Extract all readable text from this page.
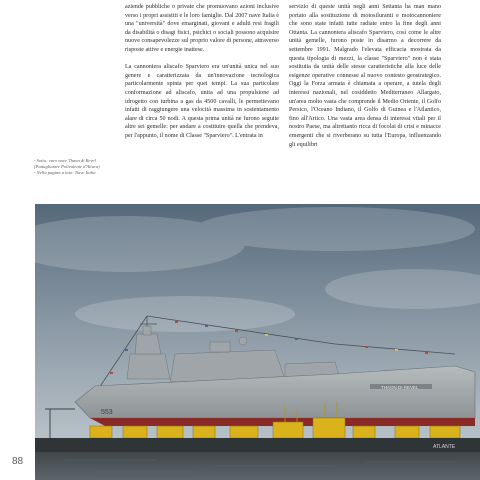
- Sotto: varo nave Thaon di Revel (Pattugliatore Polivalente d'Altura)
- Nella pagina a lato: Nave Italia

aziende pubbliche o private che promuovano azioni inclusive verso i propri assistiti e le loro famiglie. Dal 2007 nave Italia è una "università" dove emarginati, giovani e adulti resi fragili da disabilità o disagi fisici, psichici o sociali possono acquisire nuove consapevolezze sul proprio valore di persone, attraverso risposte attive e energie inattese.

La cannoniera aliscafo Sparviero era un'unità unica nel suo genere e caratterizzata da un'innovazione tecnologica particolarmente spinta per quei tempi. La sua particolare conformazione ad aliscafo, unita ad una propulsione ad idrogetto con turbina a gas da 4500 cavalli, le permettevano infatti di raggiungere una velocità massima in sostentamento alare di circa 50 nodi. A questa prima unità ne furono seguite altre sei gemelle: per andare a costituire quella che prendeva, per l'appunto, il nome di Classe "Sparviero". L'entrata in

servizio di queste unità negli anni Settanta ha man mano portato alla sostituzione di motosiluranti e motocannoniere che sono state infatti tutte radiate entro la fine degli anni Ottanta. La cannoniera aliscafo Sparviero, così come le altre unità gemelle, furono poste in disarmo a decorrere da settembre 1991. Malgrado l'elevata efficacia mostrata da questa tipologia di mezzi, la classe "Sparviero" non è stata sostituita da unità delle stesse caratteristiche alla luce delle esigenze operative connesse al nuovo contesto geostrategico. Oggi la Forza armata è chiamata a operare, a tutela degli interessi nazionali, nel cosiddetto Mediterraneo Allargato, un'area molto vasta che comprende il Medio Oriente, il Golfo Persico, l'Oceano Indiano, il Golfo di Guinea e l'Atlantico, fino all'Artico. Una vasta area densa di interessi vitali per il nostro Paese, ma altrettanto ricca di focolai di crisi e minacce emergenti che si riverberano su tutta l'Europa, influenzando gli equilibri

THAON DI REVEL
553
ATLANTE
88
